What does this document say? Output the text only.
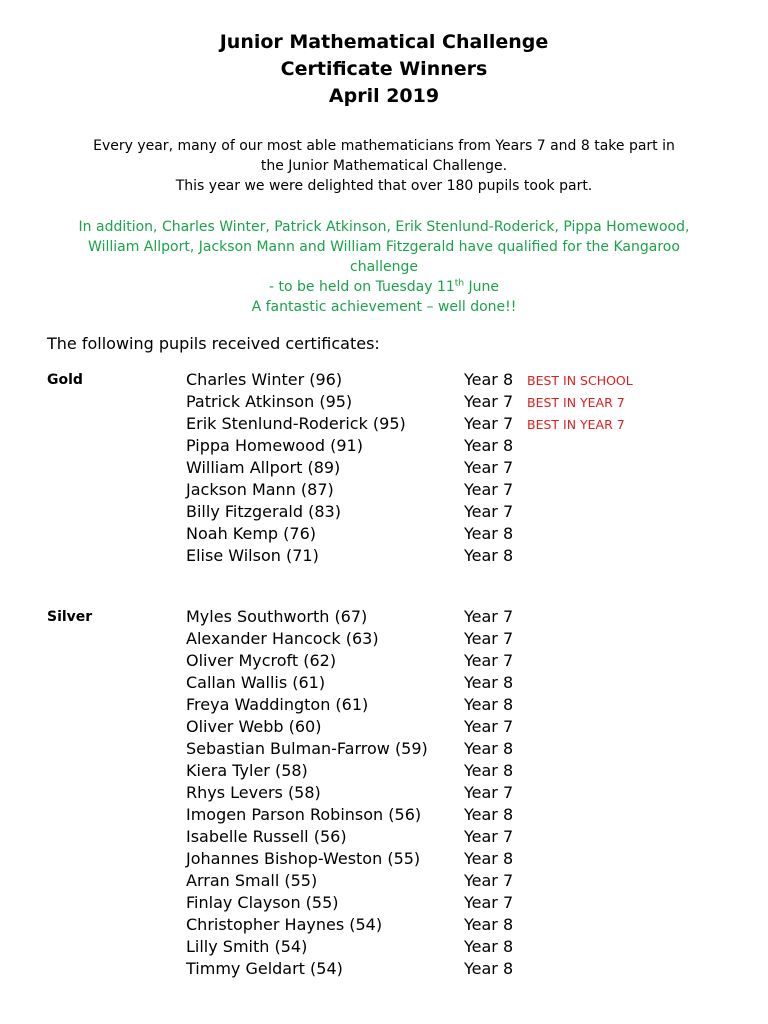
Junior Mathematical Challenge
Certificate Winners
April 2019
Every year, many of our most able mathematicians from Years 7 and 8 take part in
the Junior Mathematical Challenge.
This year we were delighted that over 180 pupils took part.
In addition, Charles Winter, Patrick Atkinson, Erik Stenlund-Roderick, Pippa Homewood,
William Allport, Jackson Mann and William Fitzgerald have qualified for the Kangaroo
challenge
- to be held on Tuesday 11th June
A fantastic achievement – well done!!
The following pupils received certificates:
Gold	Charles Winter (96)	Year 8 BEST IN SCHOOL
Patrick Atkinson (95)	Year 7 BEST IN YEAR 7
Erik Stenlund-Roderick (95)	Year 7 BEST IN YEAR 7
Pippa Homewood (91)	Year 8
William Allport (89)	Year 7
Jackson Mann (87)	Year 7
Billy Fitzgerald (83)	Year 7
Noah Kemp (76)	Year 8
Elise Wilson (71)	Year 8
Silver	Myles Southworth (67)	Year 7
Alexander Hancock (63)	Year 7
Oliver Mycroft (62)	Year 7
Callan Wallis (61)	Year 8
Freya Waddington (61)	Year 8
Oliver Webb (60)	Year 7
Sebastian Bulman-Farrow (59) Year 8
Kiera Tyler (58)	Year 8
Rhys Levers (58)	Year 7
Imogen Parson Robinson (56)	Year 8
Isabelle Russell (56)	Year 7
Johannes Bishop-Weston (55)	Year 8
Arran Small (55)	Year 7
Finlay Clayson (55)	Year 7
Christopher Haynes (54)	Year 8
Lilly Smith (54)	Year 8
Timmy Geldart (54)	Year 8
